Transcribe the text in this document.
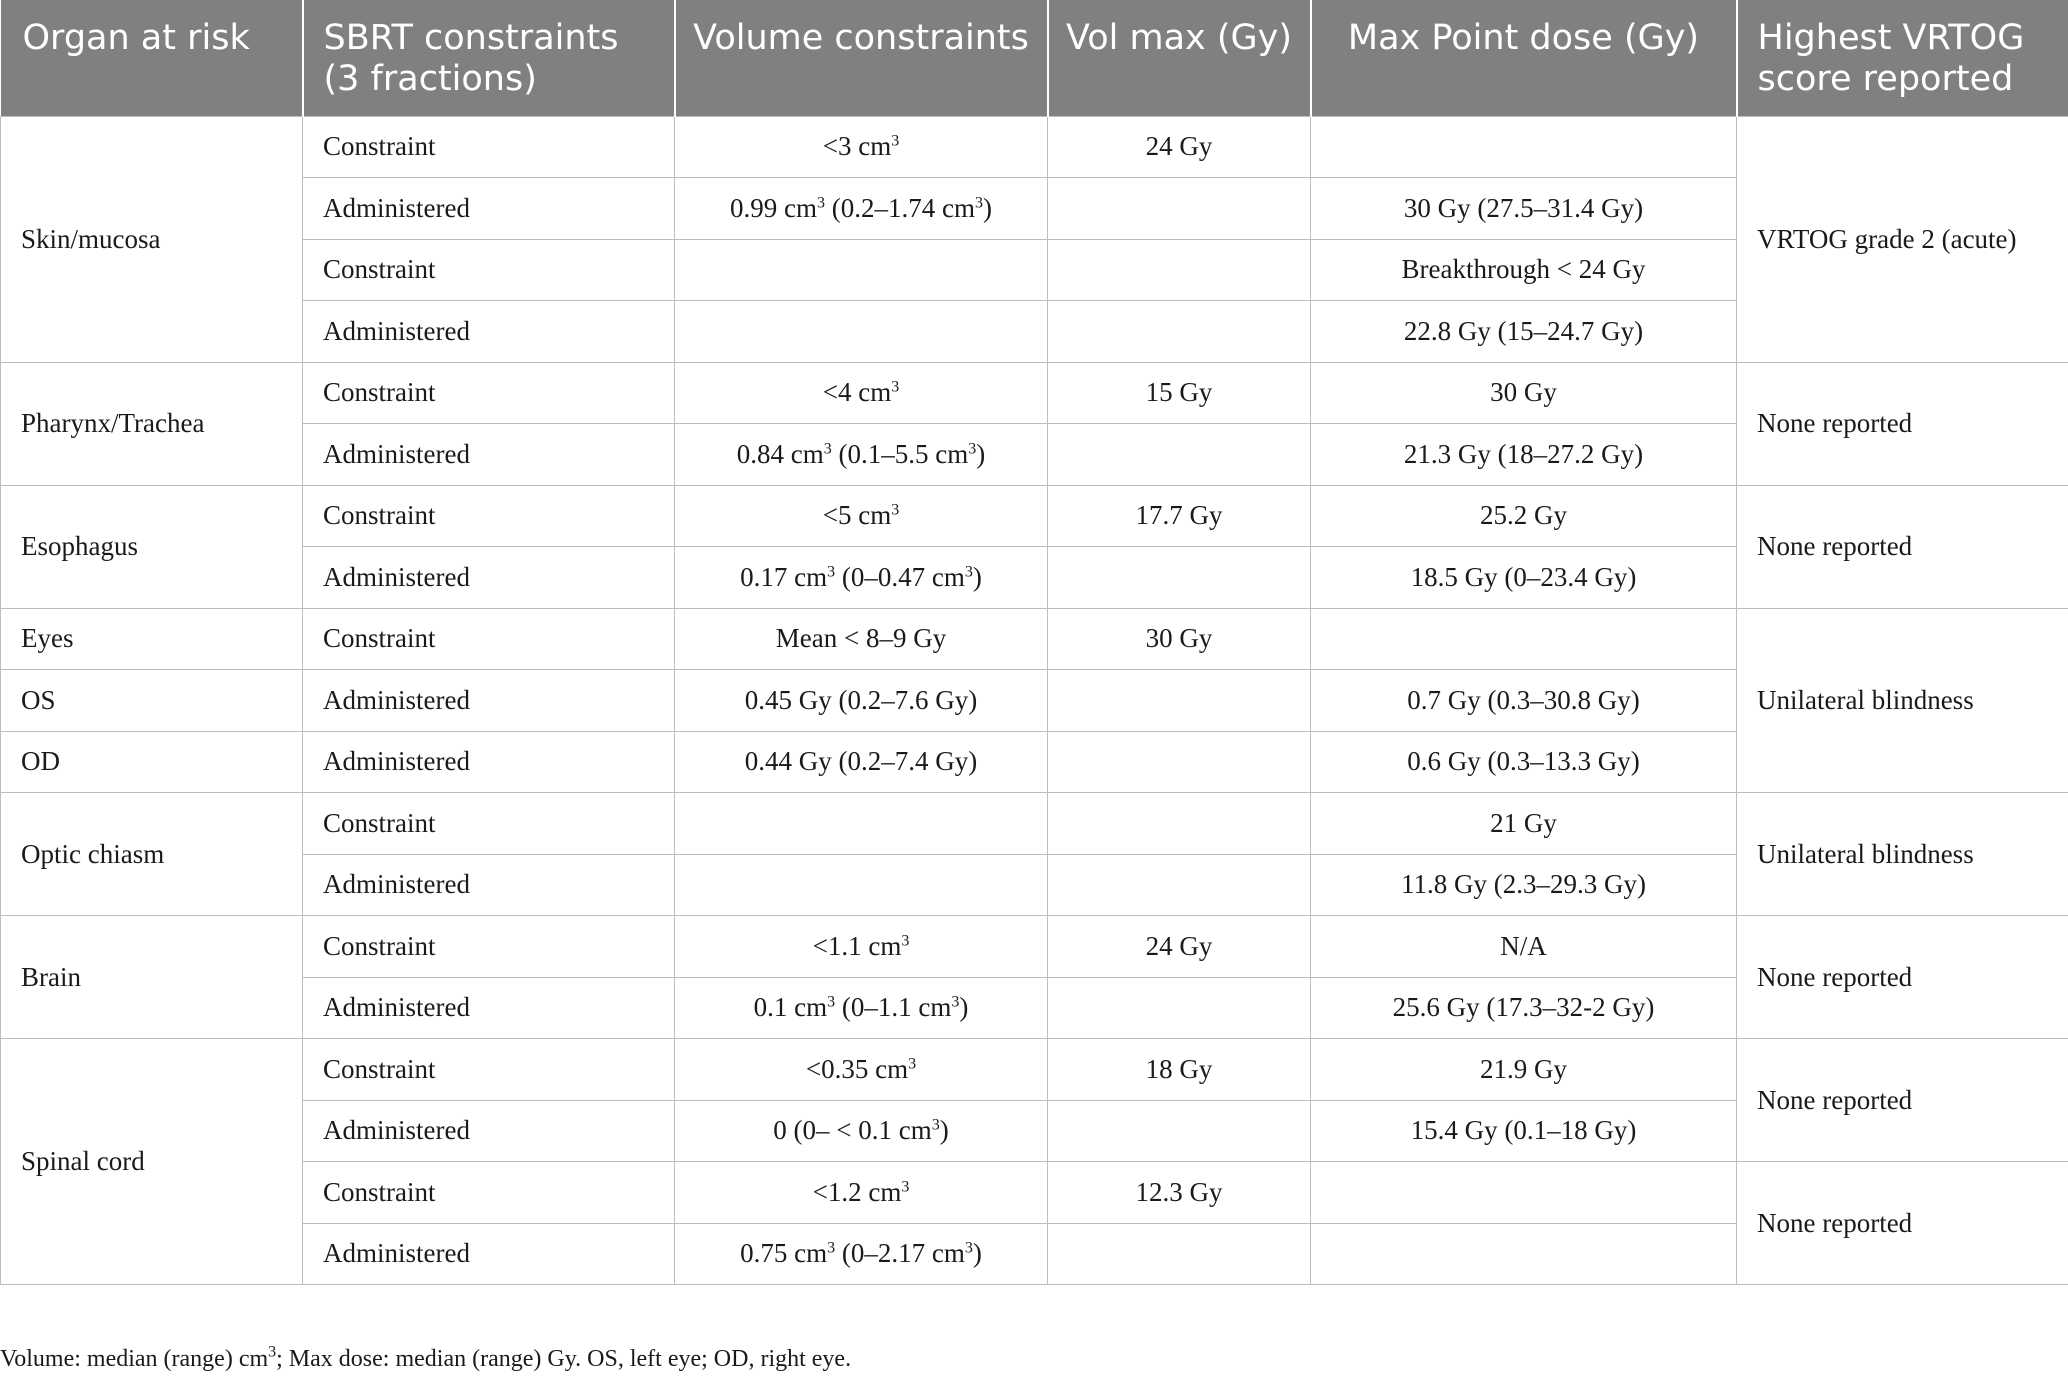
Organ at risk	SBRT constraints (3 fractions)	Volume constraints	Vol max (Gy)	Max Point dose (Gy)	Highest VRTOG score reported
Skin/mucosa	Constraint	<3 $cm^3$	24 Gy		VRTOG grade 2 (acute)
	Administered	0.99 $cm^3$ (0.2–1.74 $cm^3$)		30 Gy (27.5–31.4 Gy)	
	Constraint			Breakthrough < 24 Gy	
	Administered			22.8 Gy (15–24.7 Gy)	
Pharynx/Trachea	Constraint	<4 $cm^3$	15 Gy	30 Gy	None reported
	Administered	0.84 $cm^3$ (0.1–5.5 $cm^3$)		21.3 Gy (18–27.2 Gy)	
Esophagus	Constraint	<5 $cm^3$	17.7 Gy	25.2 Gy	None reported
	Administered	0.17 $cm^3$ (0–0.47 $cm^3$)		18.5 Gy (0–23.4 Gy)	
Eyes	Constraint	Mean < 8–9 Gy	30 Gy		Unilateral blindness
OS	Administered	0.45 Gy (0.2–7.6 Gy)		0.7 Gy (0.3–30.8 Gy)	
OD	Administered	0.44 Gy (0.2–7.4 Gy)		0.6 Gy (0.3–13.3 Gy)	
Optic chiasm	Constraint			21 Gy	Unilateral blindness
	Administered			11.8 Gy (2.3–29.3 Gy)	
Brain	Constraint	<1.1 $cm^3$	24 Gy	N/A	None reported
	Administered	0.1 $cm^3$ (0–1.1 $cm^3$)		25.6 Gy (17.3–32-2 Gy)	
Spinal cord	Constraint	<0.35 $cm^3$	18 Gy	21.9 Gy	None reported
	Administered	0 (0– < 0.1 $cm^3$)		15.4 Gy (0.1–18 Gy)	
	Constraint	<1.2 $cm^3$	12.3 Gy		None reported
	Administered	0.75 $cm^3$ (0–2.17 $cm^3$)			
Volume: median (range) $cm^3$; Max dose: median (range) Gy. OS, left eye; OD, right eye.
